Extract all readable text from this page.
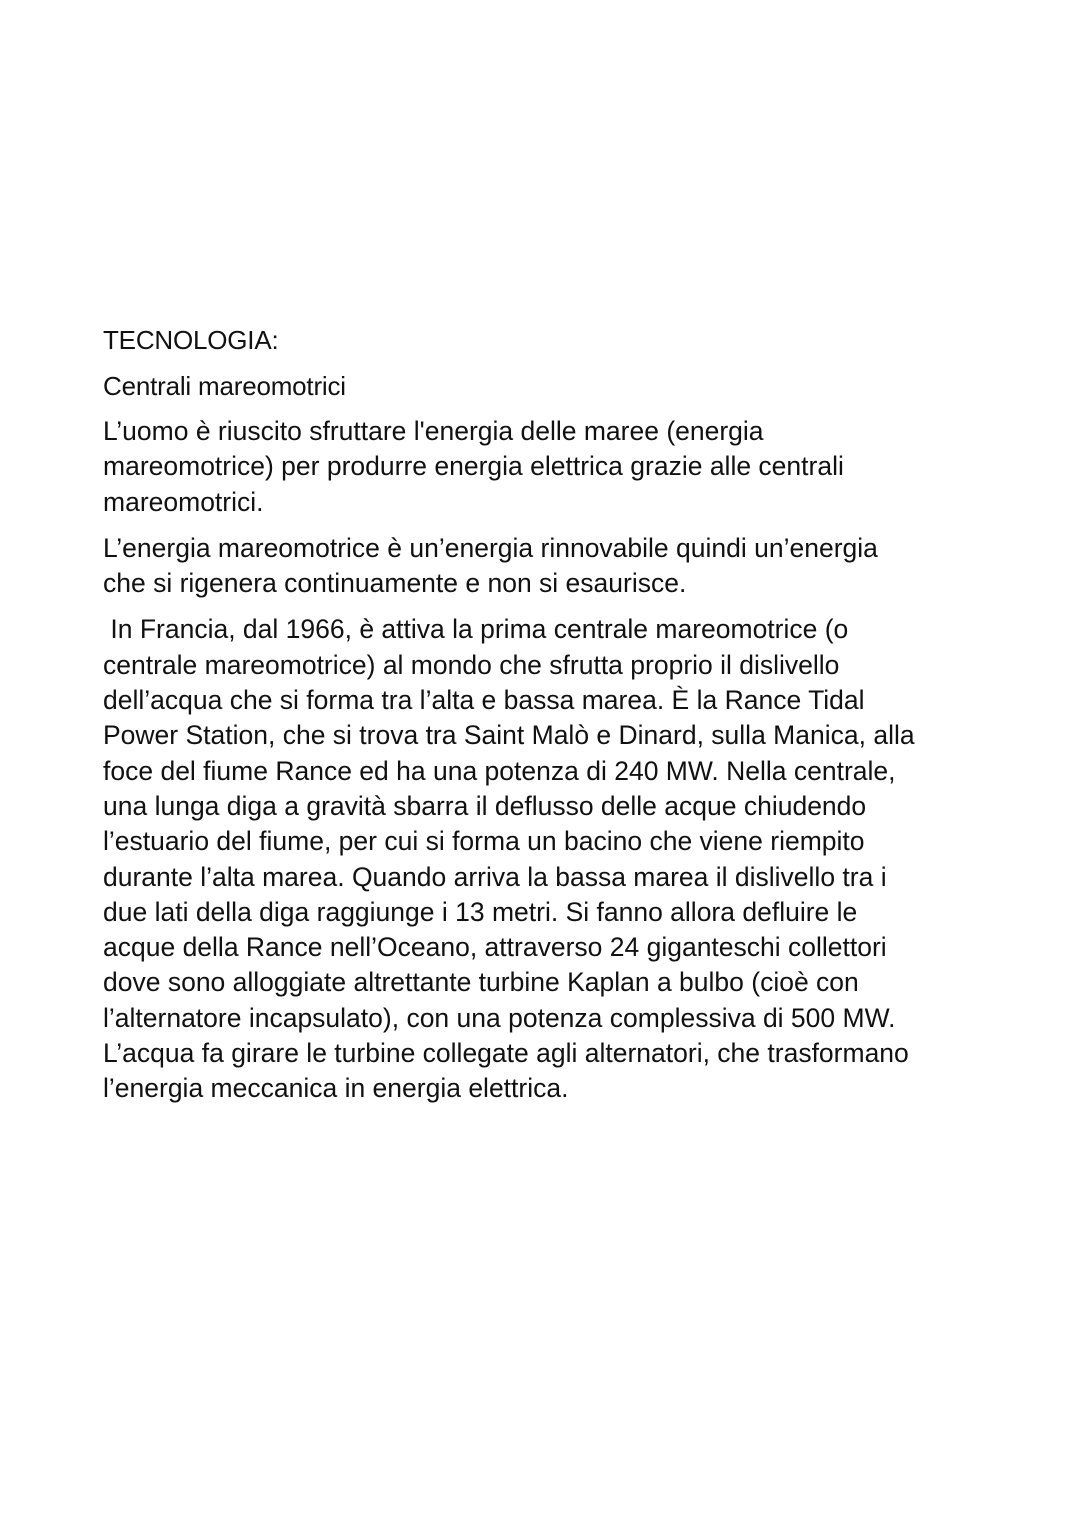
TECNOLOGIA:
Centrali mareomotrici
L’uomo è riuscito sfruttare l'energia delle maree (energia
mareomotrice) per produrre energia elettrica grazie alle centrali
mareomotrici.
L’energia mareomotrice è un’energia rinnovabile quindi un’energia
che si rigenera continuamente e non si esaurisce.
In Francia, dal 1966, è attiva la prima centrale mareomotrice (o
centrale mareomotrice) al mondo che sfrutta proprio il dislivello
dell’acqua che si forma tra l’alta e bassa marea. È la Rance Tidal
Power Station, che si trova tra Saint Malò e Dinard, sulla Manica, alla
foce del fiume Rance ed ha una potenza di 240 MW. Nella centrale,
una lunga diga a gravità sbarra il deflusso delle acque chiudendo
l’estuario del fiume, per cui si forma un bacino che viene riempito
durante l’alta marea. Quando arriva la bassa marea il dislivello tra i
due lati della diga raggiunge i 13 metri. Si fanno allora defluire le
acque della Rance nell’Oceano, attraverso 24 giganteschi collettori
dove sono alloggiate altrettante turbine Kaplan a bulbo (cioè con
l’alternatore incapsulato), con una potenza complessiva di 500 MW.
L’acqua fa girare le turbine collegate agli alternatori, che trasformano
l’energia meccanica in energia elettrica.
